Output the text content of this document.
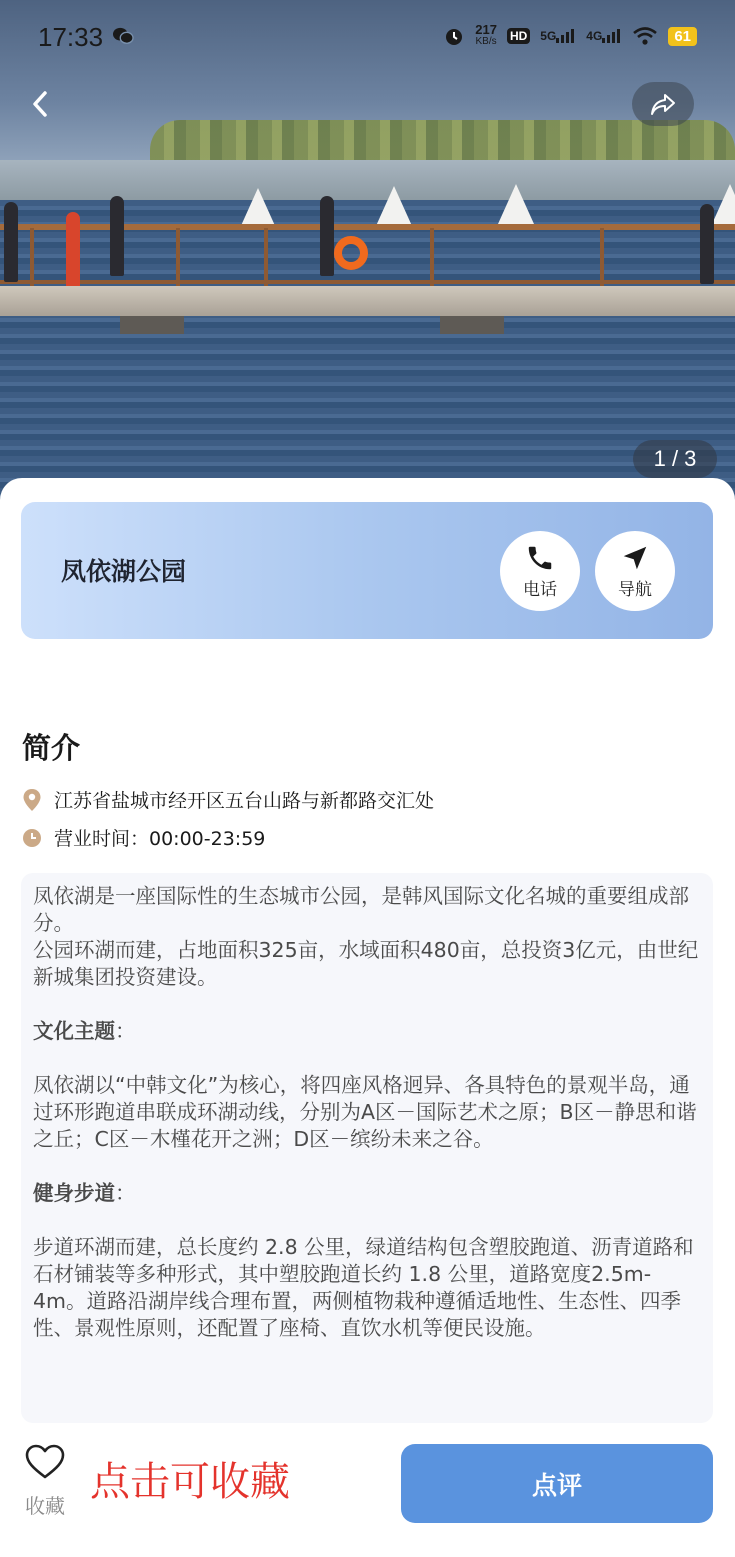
17:33	217
KB/s HD 5G	4G	61
1 / 3
凤依湖公园
电话	导航
简介
江苏省盐城市经开区五台山路与新都路交汇处
营业时间：00:00-23:59
凤依湖是一座国际性的生态城市公园，是韩风国际文化名城的重要组成部分。
公园环湖而建，占地面积325亩，水域面积480亩，总投资3亿元，由世纪新城集团投资建设。
文化主题：
凤依湖以“中韩文化”为核心，将四座风格迥异、各具特色的景观半岛，通过环形跑道串联成环湖动线，分别为A区－国际艺术之原；B区－静思和谐之丘；C区－木槿花开之洲；D区－缤纷未来之谷。
健身步道：
步道环湖而建，总长度约 2.8 公里，绿道结构包含塑胶跑道、沥青道路和石材铺装等多种形式，其中塑胶跑道长约 1.8 公里，道路宽度2.5m-4m。道路沿湖岸线合理布置，两侧植物栽种遵循适地性、生态性、四季性、景观性原则，还配置了座椅、直饮水机等便民设施。
收藏
点击可收藏	点评
